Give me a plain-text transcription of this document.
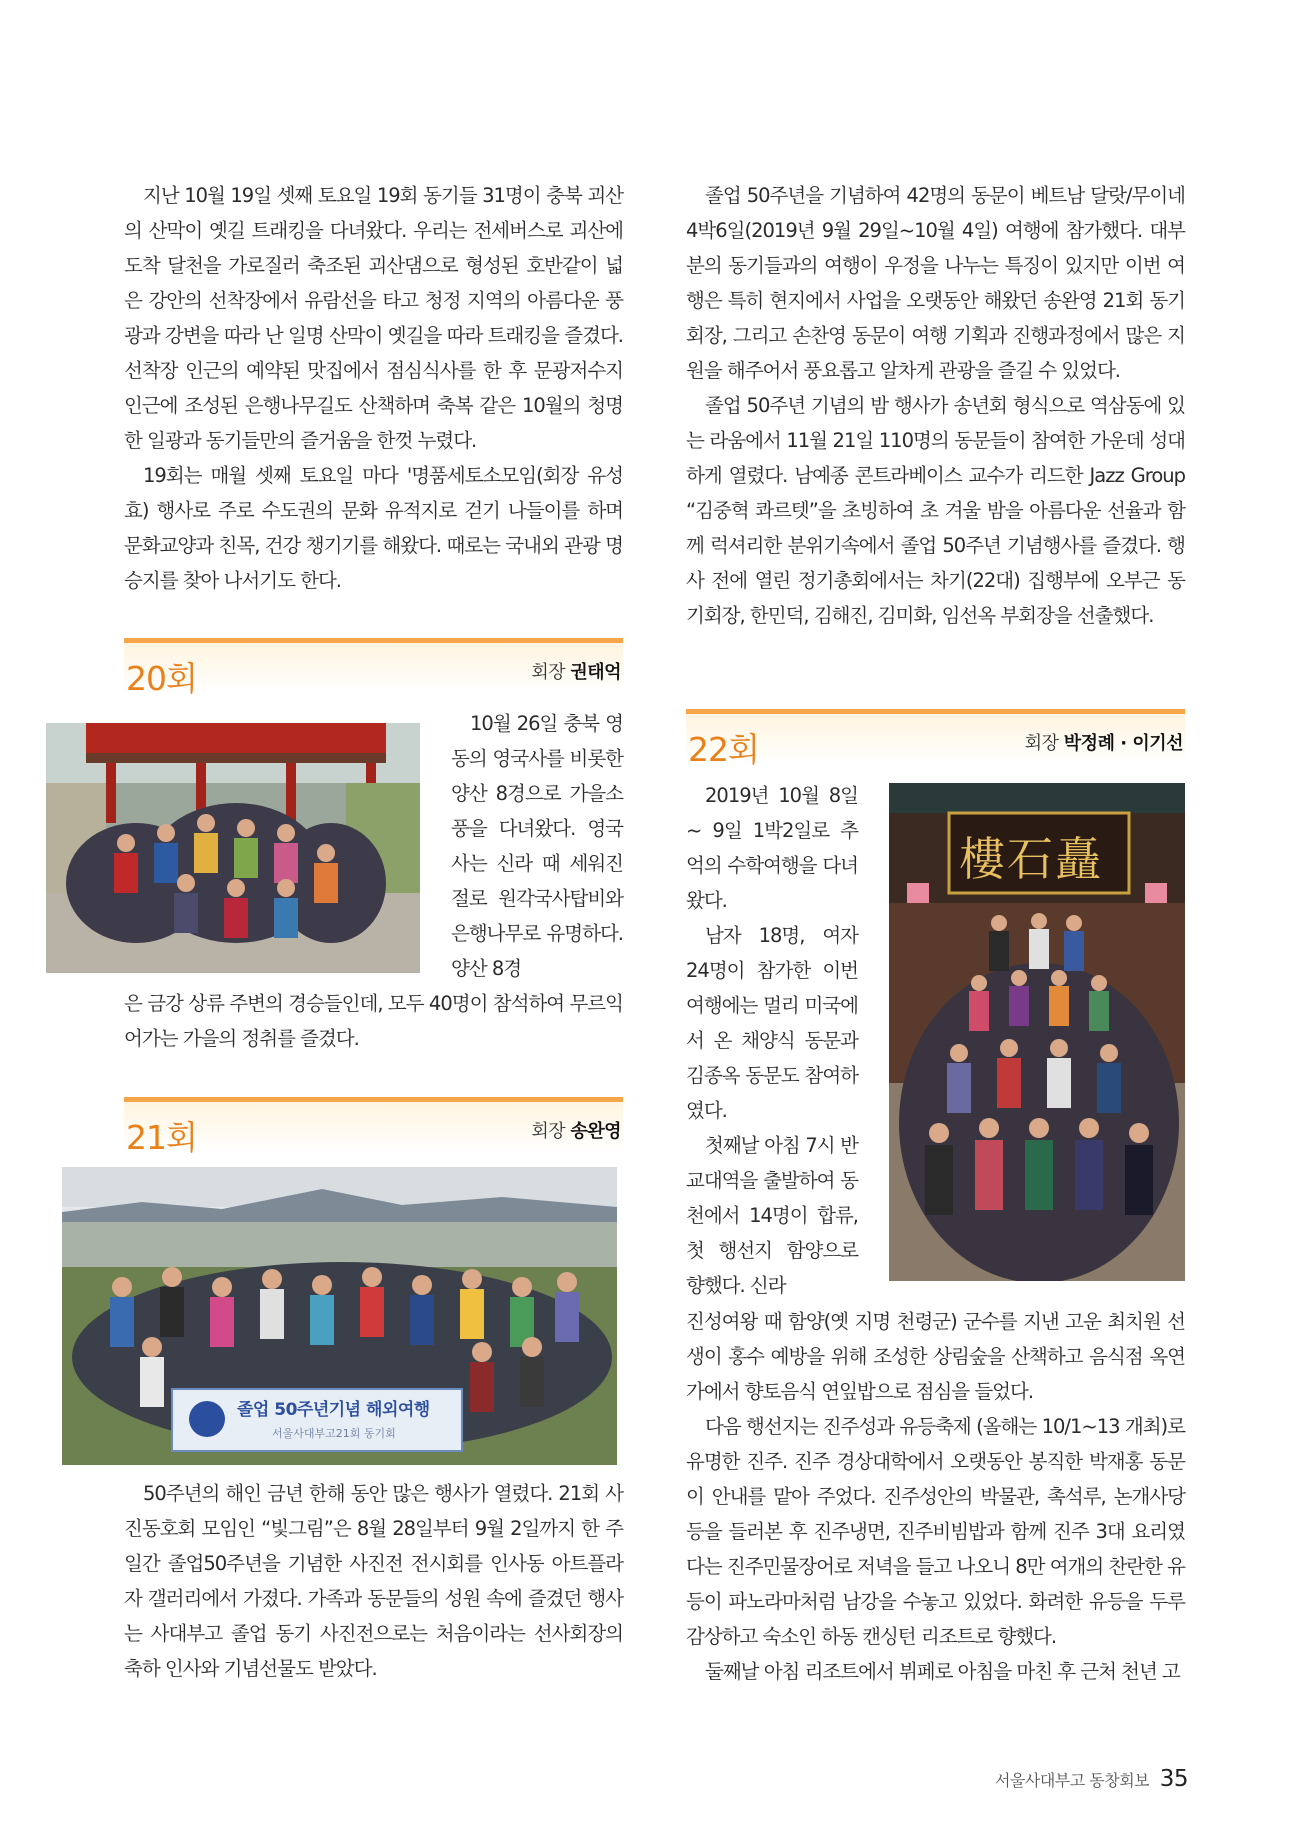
지난 10월 19일 셋째 토요일 19회 동기들 31명이 충북 괴산의 산막이 옛길 트래킹을 다녀왔다. 우리는 전세버스로 괴산에 도착 달천을 가로질러 축조된 괴산댐으로 형성된 호반같이 넓은 강안의 선착장에서 유람선을 타고 청정 지역의 아름다운 풍광과 강변을 따라 난 일명 산막이 옛길을 따라 트래킹을 즐겼다. 선착장 인근의 예약된 맛집에서 점심식사를 한 후 문광저수지 인근에 조성된 은행나무길도 산책하며 축복 같은 10월의 청명한 일광과 동기들만의 즐거움을 한껏 누렸다.

19회는 매월 셋째 토요일 마다 '명품세토소모임(회장 유성효) 행사로 주로 수도권의 문화 유적지로 걷기 나들이를 하며 문화교양과 친목, 건강 챙기기를 해왔다. 때로는 국내외 관광 명승지를 찾아 나서기도 한다.

20회	회장 권태억

10월 26일 충북 영동의 영국사를 비롯한 양산 8경으로 가을소풍을 다녀왔다. 영국사는 신라 때 세워진 절로 원각국사탑비와 은행나무로 유명하다. 양산 8경

은 금강 상류 주변의 경승들인데, 모두 40명이 참석하여 무르익어가는 가을의 정취를 즐겼다.

21회	회장 송완영
졸업 50주년기념 해외여행
서울사대부고21회 동기회

50주년의 해인 금년 한해 동안 많은 행사가 열렸다. 21회 사진동호회 모임인 “빛그림”은 8월 28일부터 9월 2일까지 한 주일간 졸업50주년을 기념한 사진전 전시회를 인사동 아트플라자 갤러리에서 가졌다. 가족과 동문들의 성원 속에 즐겼던 행사는 사대부고 졸업 동기 사진전으로는 처음이라는 선사회장의 축하 인사와 기념선물도 받았다.

졸업 50주년을 기념하여 42명의 동문이 베트남 달랏/무이네 4박6일(2019년 9월 29일~10월 4일) 여행에 참가했다. 대부분의 동기들과의 여행이 우정을 나누는 특징이 있지만 이번 여행은 특히 현지에서 사업을 오랫동안 해왔던 송완영 21회 동기회장, 그리고 손찬영 동문이 여행 기획과 진행과정에서 많은 지원을 해주어서 풍요롭고 알차게 관광을 즐길 수 있었다.

졸업 50주년 기념의 밤 행사가 송년회 형식으로 역삼동에 있는 라움에서 11월 21일 110명의 동문들이 참여한 가운데 성대하게 열렸다. 남예종 콘트라베이스 교수가 리드한 Jazz Group “김중혁 콰르텟”을 초빙하여 초 겨울 밤을 아름다운 선율과 함께 럭셔리한 분위기속에서 졸업 50주년 기념행사를 즐겼다. 행사 전에 열린 정기총회에서는 차기(22대) 집행부에 오부근 동기회장, 한민덕, 김해진, 김미화, 임선옥 부회장을 선출했다.

22회	회장 박정례 · 이기선
樓石矗

2019년 10월 8일 ~ 9일 1박2일로 추억의 수학여행을 다녀왔다.

남자 18명, 여자 24명이 참가한 이번 여행에는 멀리 미국에서 온 채양식 동문과 김종옥 동문도 참여하였다.

첫째날 아침 7시 반 교대역을 출발하여 동천에서 14명이 합류, 첫 행선지 함양으로 향했다. 신라

진성여왕 때 함양(옛 지명 천령군) 군수를 지낸 고운 최치원 선생이 홍수 예방을 위해 조성한 상림숲을 산책하고 음식점 옥연가에서 향토음식 연잎밥으로 점심을 들었다.

다음 행선지는 진주성과 유등축제 (올해는 10/1~13 개최)로 유명한 진주. 진주 경상대학에서 오랫동안 봉직한 박재홍 동문이 안내를 맡아 주었다. 진주성안의 박물관, 촉석루, 논개사당 등을 들러본 후 진주냉면, 진주비빔밥과 함께 진주 3대 요리였다는 진주민물장어로 저녁을 들고 나오니 8만 여개의 찬란한 유등이 파노라마처럼 남강을 수놓고 있었다. 화려한 유등을 두루 감상하고 숙소인 하동 캔싱턴 리조트로 향했다.

둘째날 아침 리조트에서 뷔페로 아침을 마친 후 근처 천년 고

서울사대부고 동창회보 35
